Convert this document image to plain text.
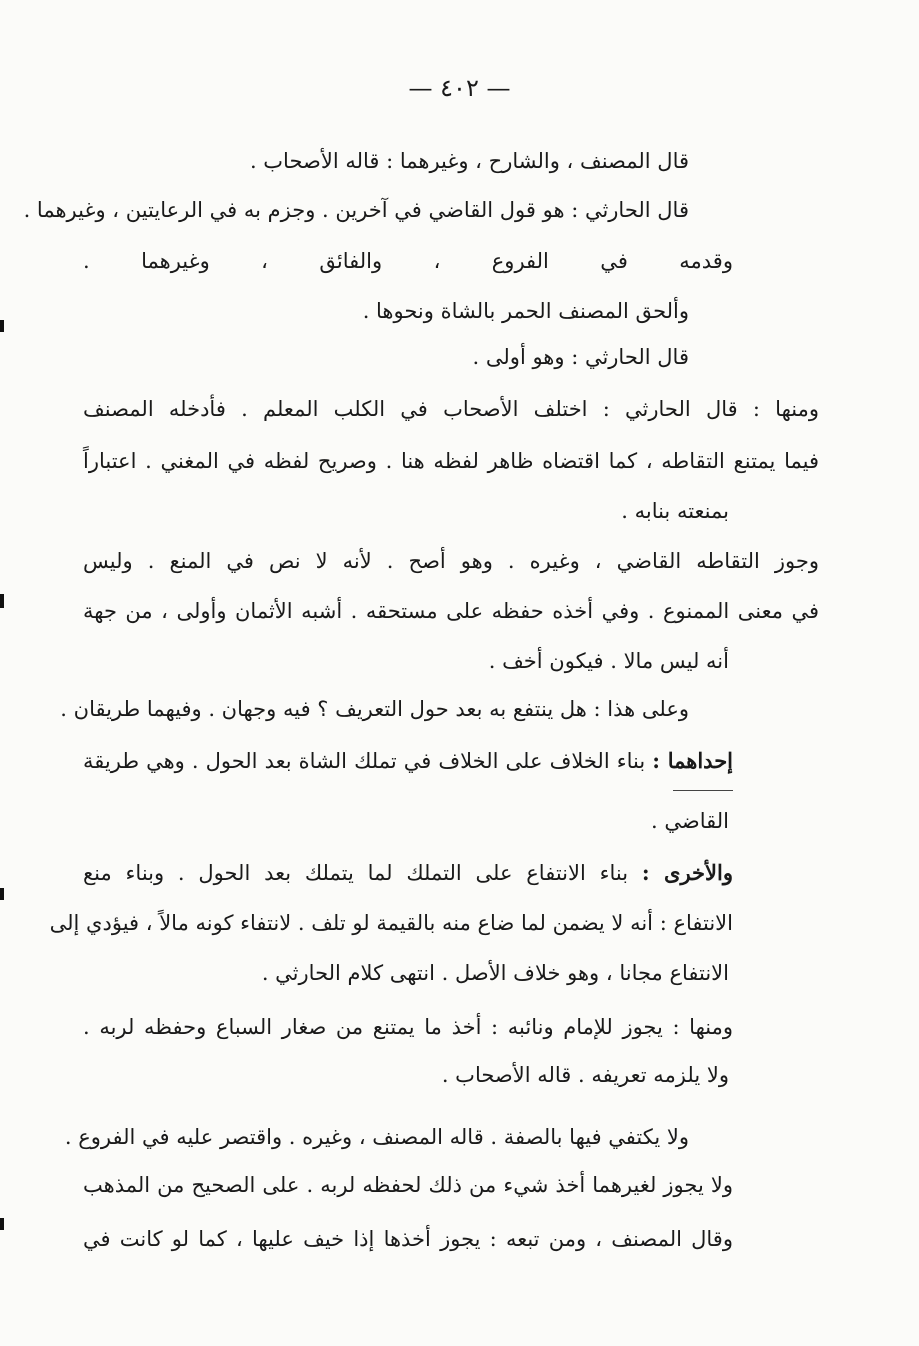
— ٤٠٢ —
قال المصنف ، والشارح ، وغيرهما : قاله الأصحاب .
قال الحارثي : هو قول القاضي في آخرين . وجزم به في الرعايتين ، وغيرهما .
وقدمه في الفروع ، والفائق ، وغيرهما .
وألحق المصنف الحمر بالشاة ونحوها .
قال الحارثي : وهو أولى .
ومنها : قال الحارثي : اختلف الأصحاب في الكلب المعلم . فأدخله المصنف
فيما يمتنع التقاطه ، كما اقتضاه ظاهر لفظه هنا . وصريح لفظه في المغني . اعتباراً
بمنعته بنابه .
وجوز التقاطه القاضي ، وغيره . وهو أصح . لأنه لا نص في المنع . وليس
في معنى الممنوع . وفي أخذه حفظه على مستحقه . أشبه الأثمان وأولى ، من جهة
أنه ليس مالا . فيكون أخف .
وعلى هذا : هل ينتفع به بعد حول التعريف ؟ فيه وجهان . وفيهما طريقان .
إحداهما : بناء الخلاف على الخلاف في تملك الشاة بعد الحول . وهي طريقة
القاضي .
والأخرى : بناء الانتفاع على التملك لما يتملك بعد الحول . وبناء منع
الانتفاع : أنه لا يضمن لما ضاع منه بالقيمة لو تلف . لانتفاء كونه مالاً ، فيؤدي إلى
الانتفاع مجانا ، وهو خلاف الأصل . انتهى كلام الحارثي .
ومنها : يجوز للإمام ونائبه : أخذ ما يمتنع من صغار السباع وحفظه لربه .
ولا يلزمه تعريفه . قاله الأصحاب .
ولا يكتفي فيها بالصفة . قاله المصنف ، وغيره . واقتصر عليه في الفروع .
ولا يجوز لغيرهما أخذ شيء من ذلك لحفظه لربه . على الصحيح من المذهب
وقال المصنف ، ومن تبعه : يجوز أخذها إذا خيف عليها ، كما لو كانت في
